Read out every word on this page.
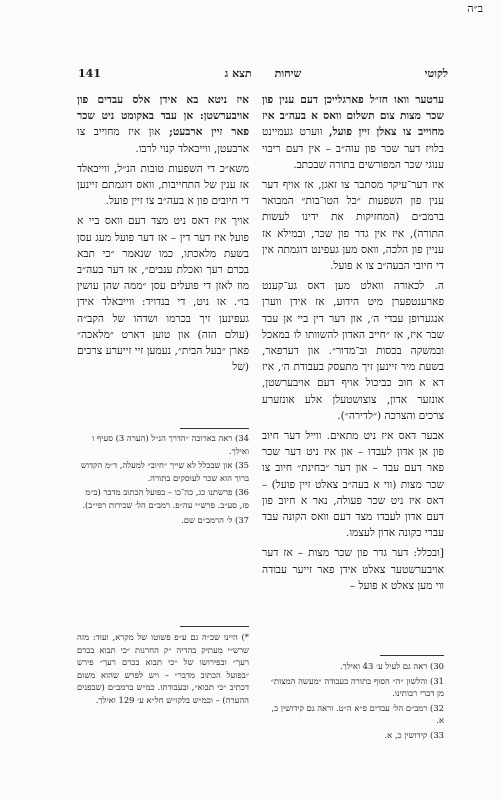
ב״ה
141	שיחות      תצא ג	לקוטי

ערטער וואו חז״ל פארגלייכן דעם ענין פון שכר מצות צום תשלום וואס א בעה״ב איז מחוייב צו צאלן זיין פועל, ווערט געמיינט בלויז דער שכר פון עוה״ב – אין דעם ריבוי ענוגי שכר המפורשים בתורה שבכתב.

איז דער־עיקר מסתבר צו זאגן, אז אויף דער ענין פון השפעות ״כל הטו־בות״ המבואר ברמב״ם (המחזיקות את ידינו לעשות התורה), איז אין גדר פון שכר, ובמילא אז עניין פון הלכה, וואס מען געפינט דוגמתה אין די חיובי הבעה״ב צו א פועל.

ה. לכאורה וואלט מען דאס גע־קענט פארענטפערן מיט הידוע, אז אידן ווערן אנגערופן עבדי ה׳, און דער דין ביי אן עבד שבר איז, אז ״חייב האדון להשוותו לו במאכל ובמשקה בכסות וב־מדור״. און דערפאר, בשעת מיר זיינען זיך מתעסק בעבודת ה׳, איז דא א חוב כביכול אויף דעם אויבערשטן, אונזער אדון, צוצושטעלן אלע אונזערע צרכים והצרכה (״לדירה״).

אבער דאס איז ניט מתאים. ווייל דער חיוב פון אן אדון לעבדו – און איז ניט דער שכר פאר דעם עבד – און דער ״בחינת״ חיוב צו שכר מצות (ווי א בעה״ב צאלט זיין פועל) – דאס איז ניט שכר פעולה, נאר א חיוב פון דעם אדון לעבדו מצד דעם וואס הקונה עבד עברי כקונה אדון לעצמו.

[ובכלל: דער גדר פון שכר מצות – אז דער אויבערשטער צאלט אידן פאר זייער עבודה ווי מען צאלט א פועל –

איז ניטא בא אידן אלס עבדים פון אויבערשטן: אן עבד באקומט ניט שכר פאר זיין ארבעט; און איז מחוייב צו ארבעטן, ווייבאלד קנוי לרבו.

משא״כ די השפעות טובות הנ״ל, ווייבאלד אז ענין של התחייבות, וואס דוגמתם זיינען די חיובים פון א בעה״ב צו זיין פועל.

אויך איז דאס ניט מצד דעם וואס ביי א פועל איז דער דין – אז דער פועל מעג עסן בשעת מלאכתו, כמו שנאמר ״כי תבא בכרם רעך ואכלת ענבים״, אז דער בעה״ב מוז לאזן די פועלים עסן ״ממה שהן עושין בו״. אז ניט, די בנדויד: ווייבאלד אידן געפינען זיך בכרמו ושדהו של הקב״ה (עולם הזה) און טוען דארט ״מלאכה״ פארן ״בעל הבית״, נעמען זיי זייערע צרכים (של

34) ראה בארוכה ״הדרך הנ״ל (הערה 3) סעיף ו ואילך.
35) און שבכלל לא שייך ״חיוב״ למעלה, ד״מ הקדוש ברוך הוא שכר לעוסקים בתורה.
36) פרשתנו כג, כה־כו – בפועל הכתוב מדבר (ב״מ פז, סע״ב. פרש״י עה״פ. רמב״ם הל׳ שכירות רפי״ב).
37) ל׳ הרמב״ם שם.
*) היינו שכ״ה גם ע״פ פשוטו של מקרא, ועוד: מזה שרש״י מעתיק בהדיה ״ק החרנות ״כי תבוא בכרם רעך״ ובפירושו של ״כי תבוא בכרם רעך״ פירש ״בפועל הכתוב מדבר״ – ויש לפרש שהוא משום דכתיב ״כי תבוא״, ובעבודתו. כמ״ש ברמב״ם (שבפנים ההערה) – וכמ״ש בלקו״ש חל״א ע׳ 129 ואילך.
30) ראה גם לעיל ע׳ 43 ואילך.
31) והלשון ״ה״ הסוף בתורה בעבודה ״מעשה המצות״ מן דברי רבותינו.
32) רמב״ם הל׳ עבדים פ״א ה״ט. וראה גם קידושין כ, א.
33) קידושין כ, א.
